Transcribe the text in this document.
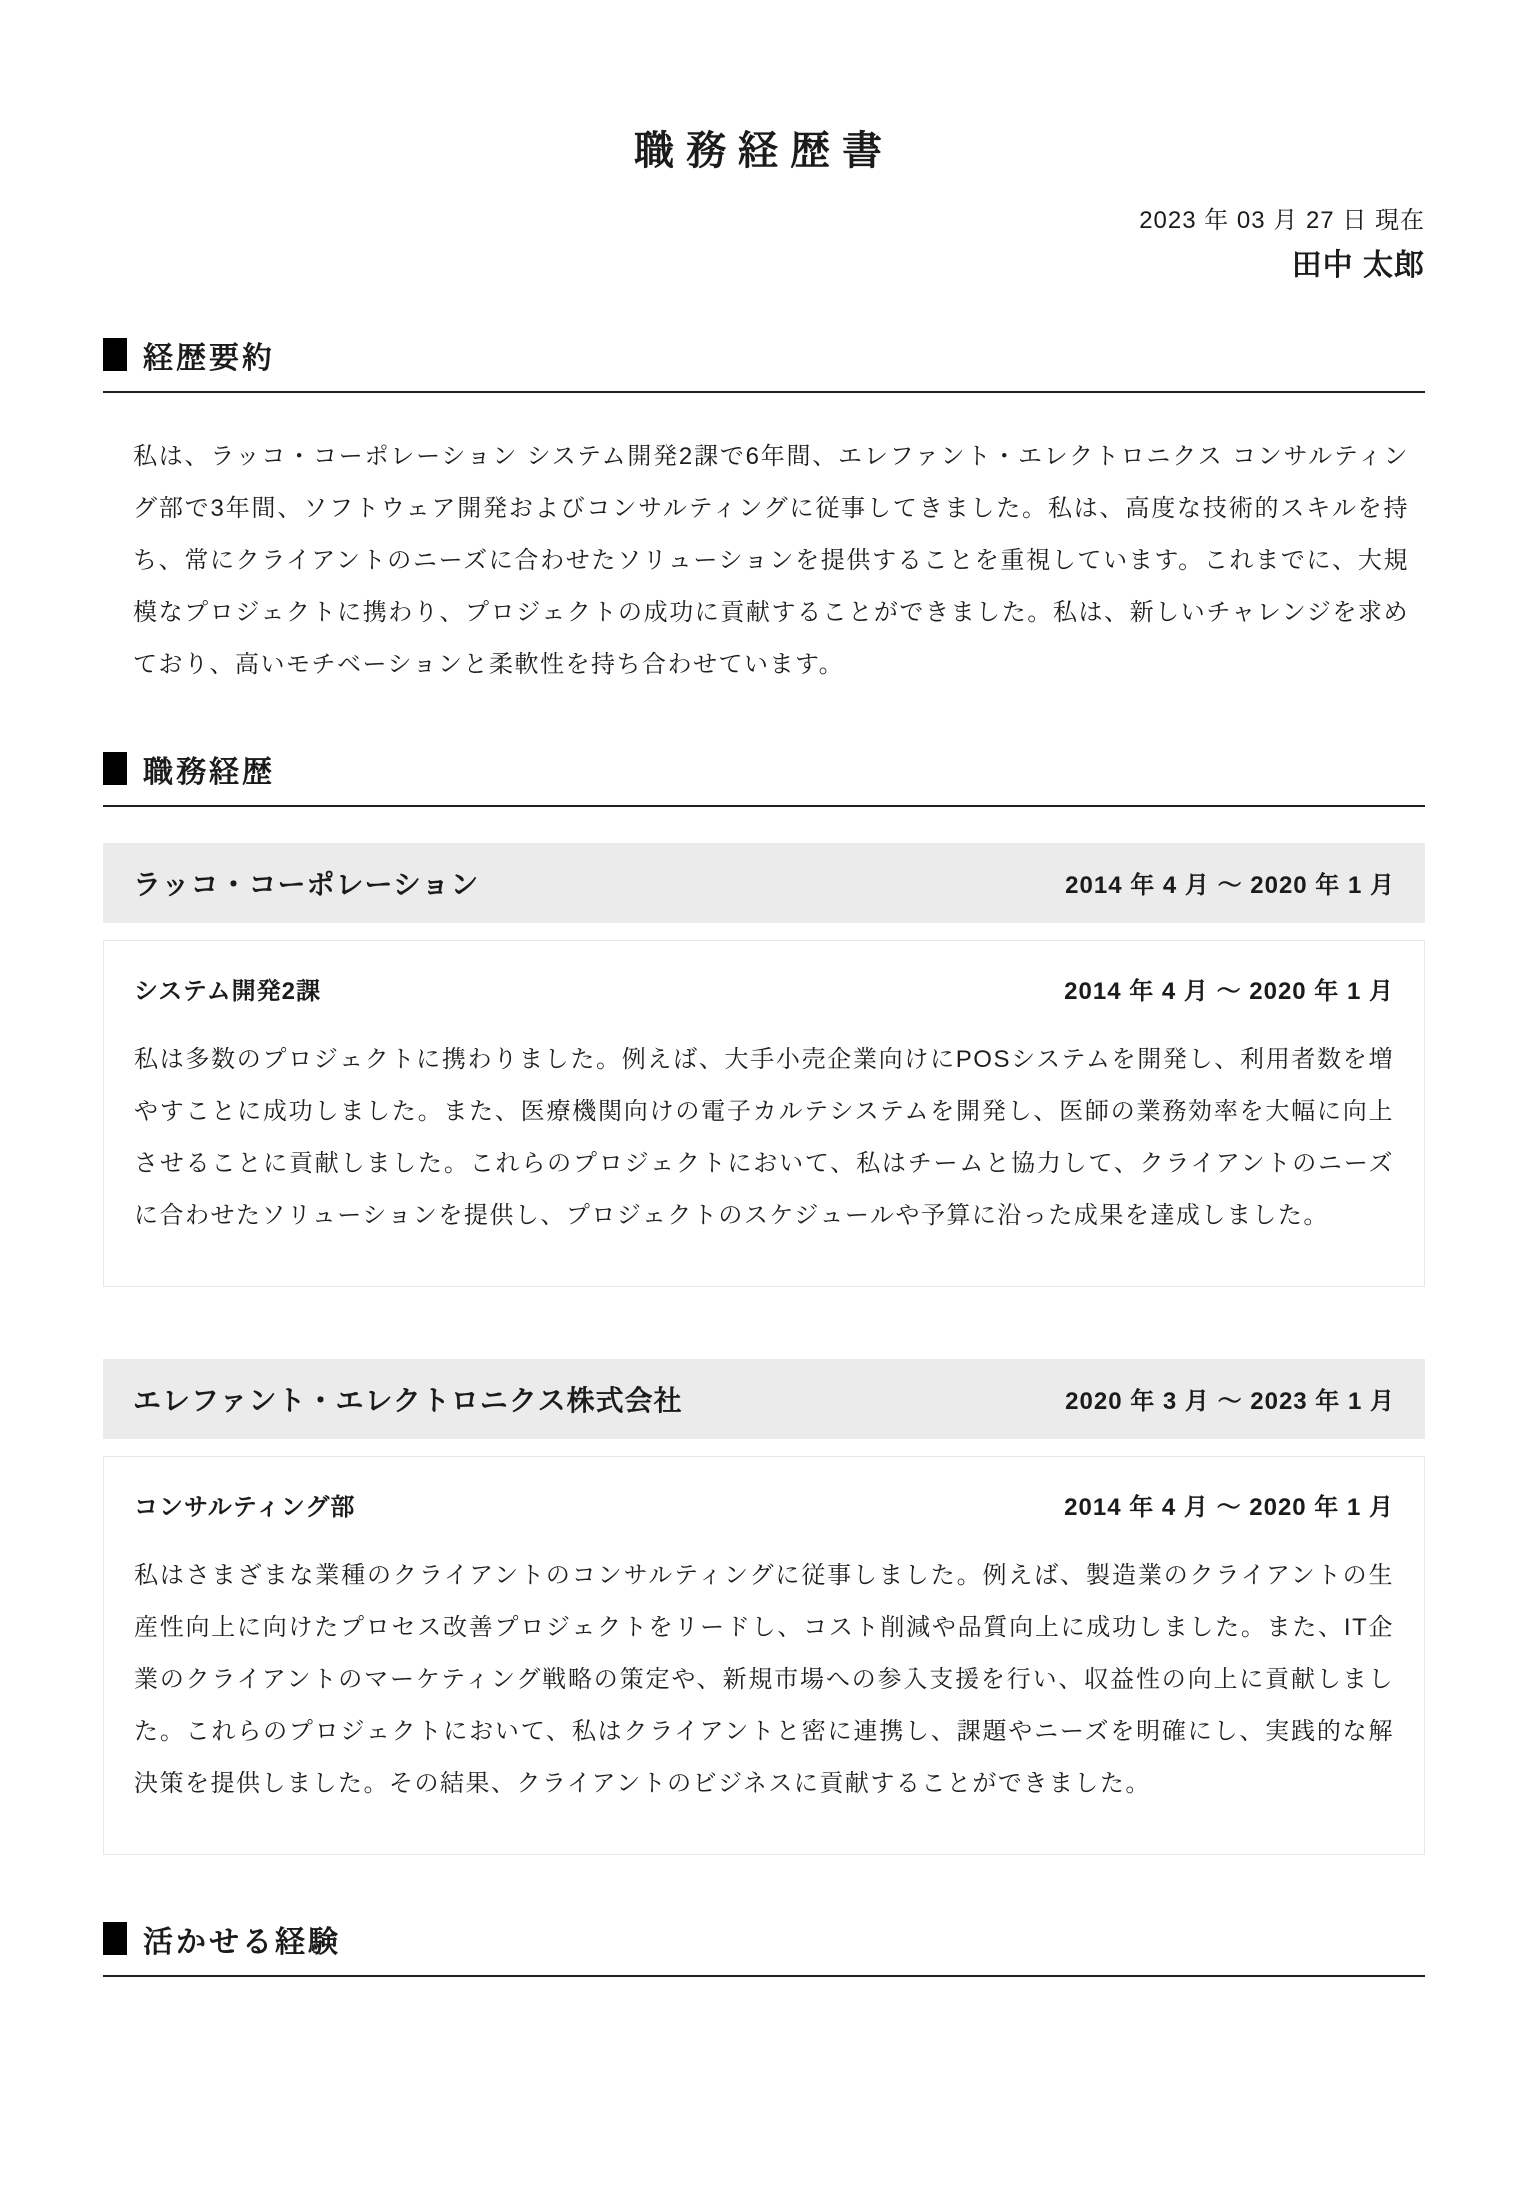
職務経歴書
2023 年 03 月 27 日 現在
田中 太郎
経歴要約

私は、ラッコ・コーポレーション システム開発2課で6年間、エレファント・エレクトロニクス コンサルティング部で3年間、ソフトウェア開発およびコンサルティングに従事してきました。私は、高度な技術的スキルを持ち、常にクライアントのニーズに合わせたソリューションを提供することを重視しています。これまでに、大規模なプロジェクトに携わり、プロジェクトの成功に貢献することができました。私は、新しいチャレンジを求めており、高いモチベーションと柔軟性を持ち合わせています。

職務経歴
ラッコ・コーポレーション	2014 年 4 月 〜 2020 年 1 月
システム開発2課	2014 年 4 月 〜 2020 年 1 月

私は多数のプロジェクトに携わりました。例えば、大手小売企業向けにPOSシステムを開発し、利用者数を増やすことに成功しました。また、医療機関向けの電子カルテシステムを開発し、医師の業務効率を大幅に向上させることに貢献しました。これらのプロジェクトにおいて、私はチームと協力して、クライアントのニーズに合わせたソリューションを提供し、プロジェクトのスケジュールや予算に沿った成果を達成しました。

エレファント・エレクトロニクス株式会社	2020 年 3 月 〜 2023 年 1 月
コンサルティング部	2014 年 4 月 〜 2020 年 1 月

私はさまざまな業種のクライアントのコンサルティングに従事しました。例えば、製造業のクライアントの生産性向上に向けたプロセス改善プロジェクトをリードし、コスト削減や品質向上に成功しました。また、IT企業のクライアントのマーケティング戦略の策定や、新規市場への参入支援を行い、収益性の向上に貢献しました。これらのプロジェクトにおいて、私はクライアントと密に連携し、課題やニーズを明確にし、実践的な解決策を提供しました。その結果、クライアントのビジネスに貢献することができました。

活かせる経験
